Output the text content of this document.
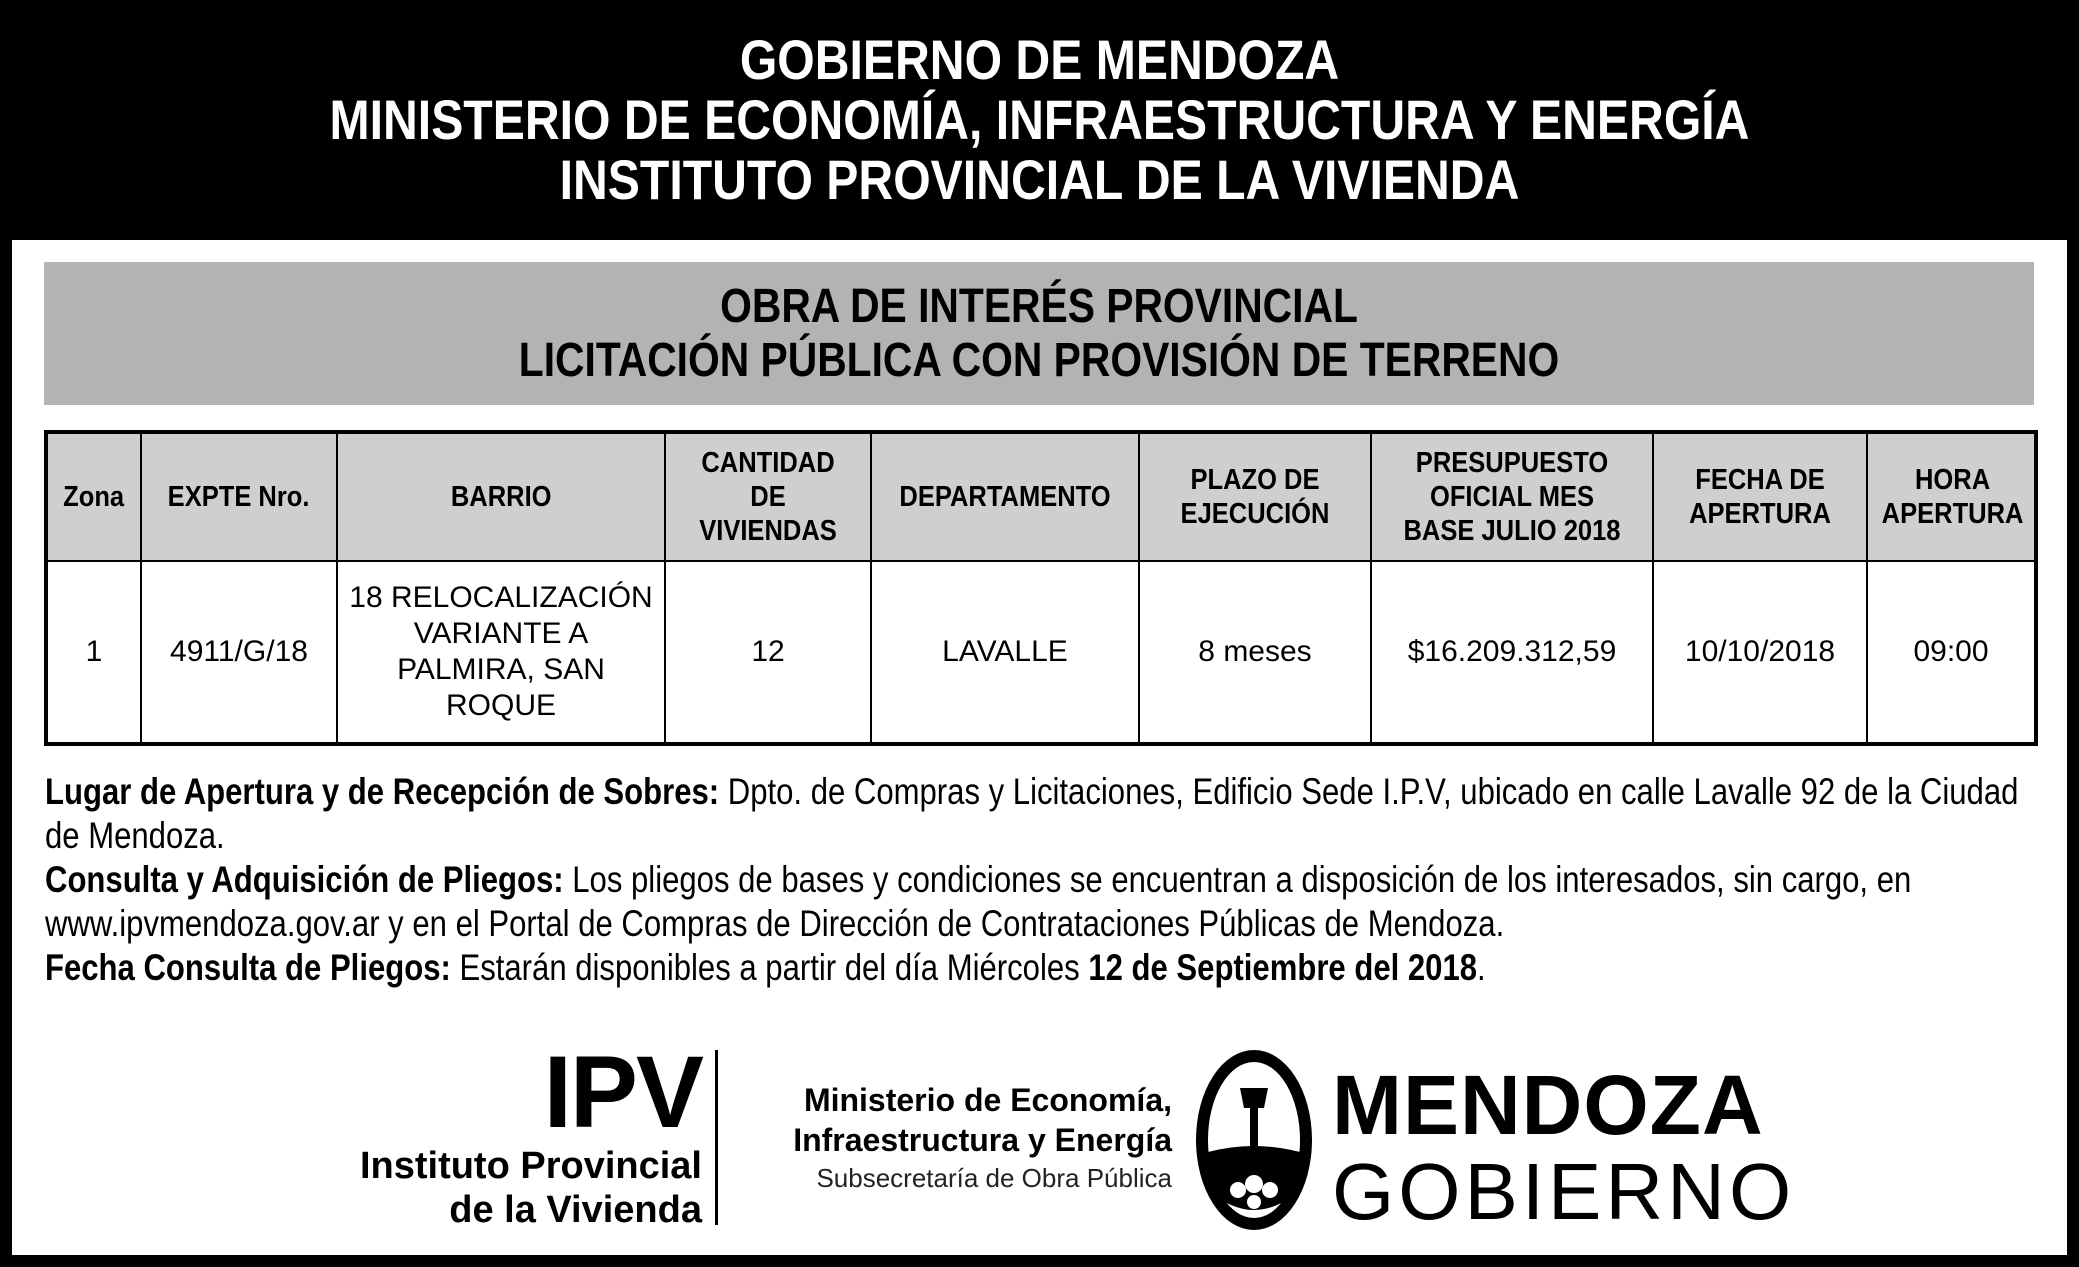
GOBIERNO DE MENDOZA
MINISTERIO DE ECONOMÍA, INFRAESTRUCTURA Y ENERGÍA
INSTITUTO PROVINCIAL DE LA VIVIENDA
OBRA DE INTERÉS PROVINCIAL
LICITACIÓN PÚBLICA CON PROVISIÓN DE TERRENO
Zona	EXPTE Nro.	BARRIO	CANTIDAD DE VIVIENDAS	DEPARTAMENTO	PLAZO DE EJECUCIÓN	PRESUPUESTO OFICIAL MES BASE JULIO 2018	FECHA DE APERTURA	HORA APERTURA
1	4911/G/18	18 RELOCALIZACIÓN VARIANTE A PALMIRA, SAN ROQUE	12	LAVALLE	8 meses	$16.209.312,59	10/10/2018	09:00

Lugar de Apertura y de Recepción de Sobres: Dpto. de Compras y Licitaciones, Edificio Sede I.P.V, ubicado en calle Lavalle 92 de la Ciudad de Mendoza.

Consulta y Adquisición de Pliegos: Los pliegos de bases y condiciones se encuentran a disposición de los interesados, sin cargo, en www.ipvmendoza.gov.ar y en el Portal de Compras de Dirección de Contrataciones Públicas de Mendoza.

Fecha Consulta de Pliegos: Estarán disponibles a partir del día Miércoles 12 de Septiembre del 2018.

IPV
Instituto Provincial
de la Vivienda
Ministerio de Economía,
Infraestructura y Energía
Subsecretaría de Obra Pública
MENDOZA
GOBIERNO
